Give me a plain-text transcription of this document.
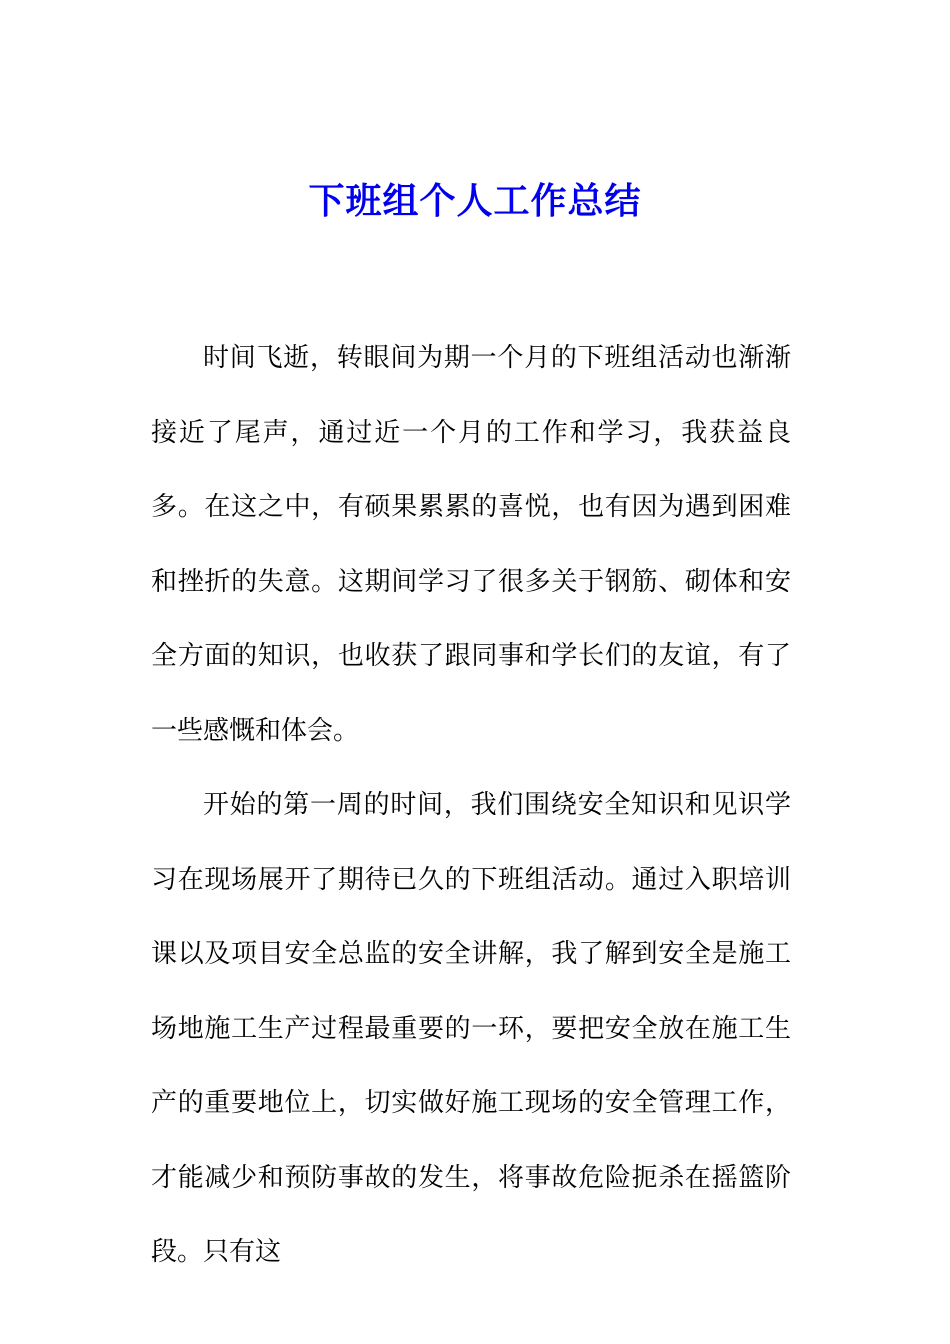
下班组个人工作总结

时间飞逝，转眼间为期一个月的下班组活动也渐渐接近了尾声，通过近一个月的工作和学习，我获益良多。在这之中，有硕果累累的喜悦，也有因为遇到困难和挫折的失意。这期间学习了很多关于钢筋、砌体和安全方面的知识，也收获了跟同事和学长们的友谊，有了一些感慨和体会。

开始的第一周的时间，我们围绕安全知识和见识学习在现场展开了期待已久的下班组活动。通过入职培训课以及项目安全总监的安全讲解，我了解到安全是施工场地施工生产过程最重要的一环，要把安全放在施工生产的重要地位上，切实做好施工现场的安全管理工作，才能减少和预防事故的发生，将事故危险扼杀在摇篮阶段。只有这
